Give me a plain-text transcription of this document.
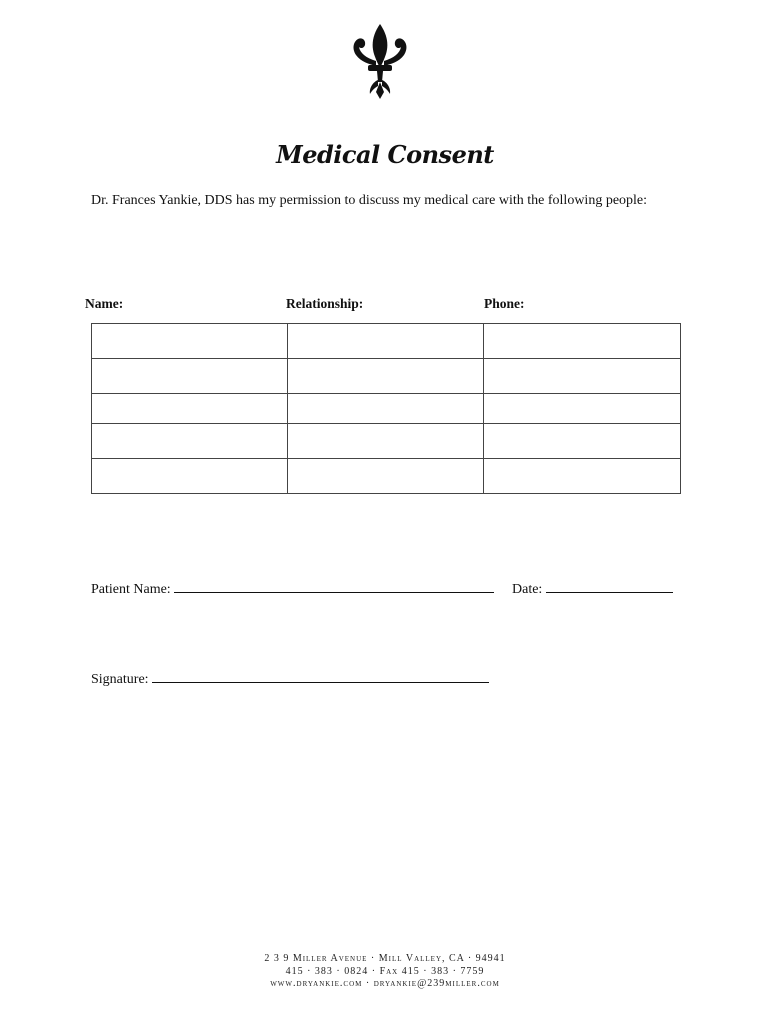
Medical Consent
Dr. Frances Yankie, DDS has my permission to discuss my medical care with the following people:
Name:	Relationship:	Phone:

Patient Name:	Date:
Signature:
2 3 9 Miller Avenue · Mill Valley, CA · 94941
415 · 383 · 0824 · Fax 415 · 383 · 7759
www.dryankie.com · dryankie@239miller.com
